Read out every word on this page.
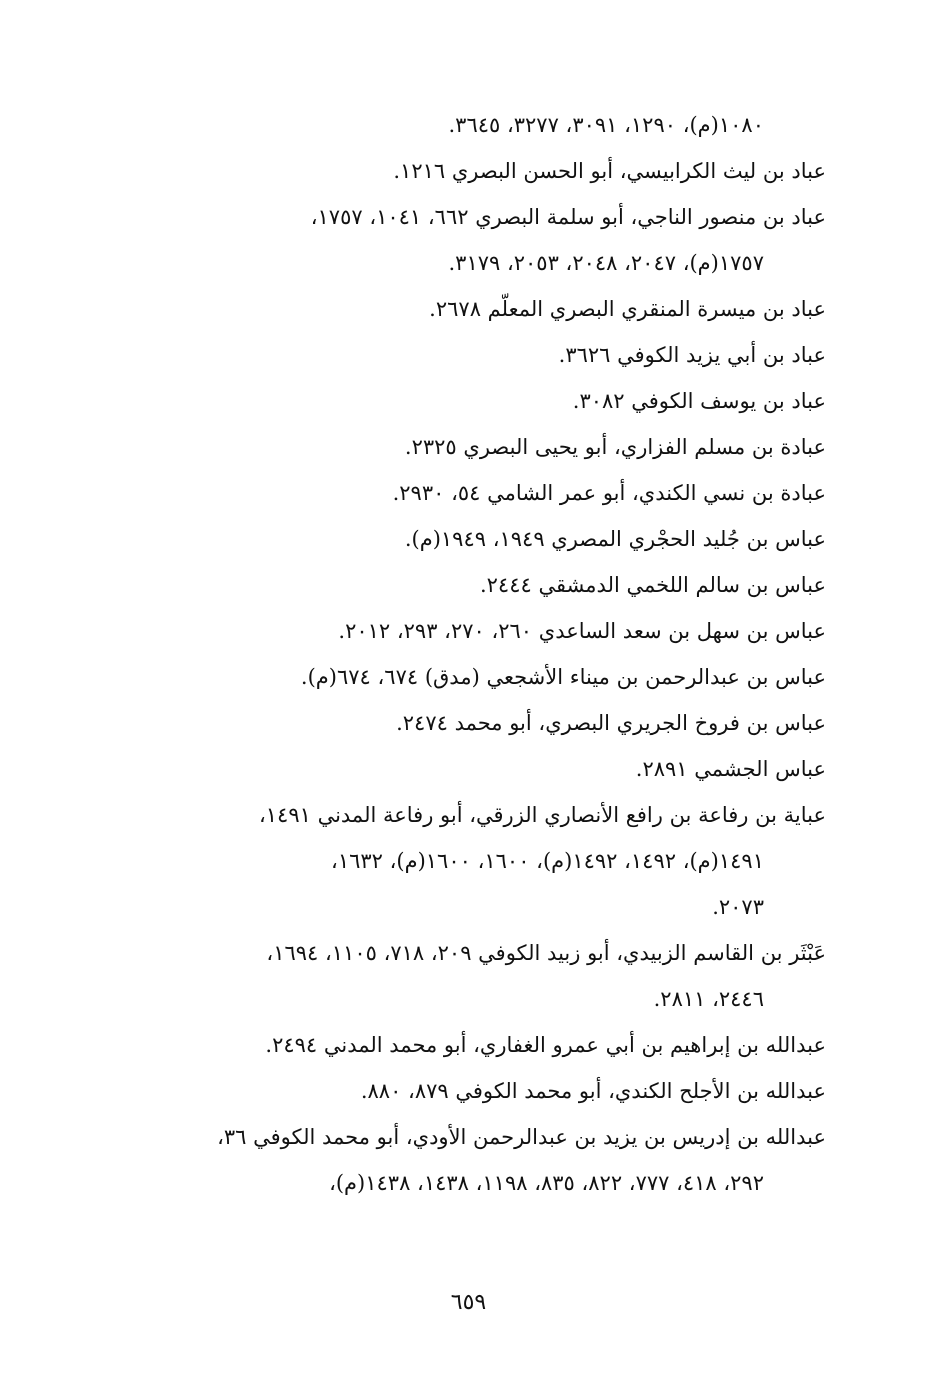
١٠٨٠(م)، ١٢٩٠، ٣٠٩١، ٣٢٧٧، ٣٦٤٥.
عباد بن ليث الكرابيسي، أبو الحسن البصري ١٢١٦.
عباد بن منصور الناجي، أبو سلمة البصري ٦٦٢، ١٠٤١، ١٧٥٧،
١٧٥٧(م)، ٢٠٤٧، ٢٠٤٨، ٢٠٥٣، ٣١٧٩.
عباد بن ميسرة المنقري البصري المعلّم ٢٦٧٨.
عباد بن أبي يزيد الكوفي ٣٦٢٦.
عباد بن يوسف الكوفي ٣٠٨٢.
عبادة بن مسلم الفزاري، أبو يحيى البصري ٢٣٢٥.
عبادة بن نسي الكندي، أبو عمر الشامي ٥٤، ٢٩٣٠.
عباس بن جُليد الحجْري المصري ١٩٤٩، ١٩٤٩(م).
عباس بن سالم اللخمي الدمشقي ٢٤٤٤.
عباس بن سهل بن سعد الساعدي ٢٦٠، ٢٧٠، ٢٩٣، ٢٠١٢.
عباس بن عبدالرحمن بن ميناء الأشجعي (مدق) ٦٧٤، ٦٧٤(م).
عباس بن فروخ الجريري البصري، أبو محمد ٢٤٧٤.
عباس الجشمي ٢٨٩١.
عباية بن رفاعة بن رافع الأنصاري الزرقي، أبو رفاعة المدني ١٤٩١،
١٤٩١(م)، ١٤٩٢، ١٤٩٢(م)، ١٦٠٠، ١٦٠٠(م)، ١٦٣٢،
٢٠٧٣.
عَبْثَر بن القاسم الزبيدي، أبو زبيد الكوفي ٢٠٩، ٧١٨، ١١٠٥، ١٦٩٤،
٢٤٤٦، ٢٨١١.
عبدالله بن إبراهيم بن أبي عمرو الغفاري، أبو محمد المدني ٢٤٩٤.
عبدالله بن الأجلح الكندي، أبو محمد الكوفي ٨٧٩، ٨٨٠.
عبدالله بن إدريس بن يزيد بن عبدالرحمن الأودي، أبو محمد الكوفي ٣٦،
٢٩٢، ٤١٨، ٧٧٧، ٨٢٢، ٨٣٥، ١١٩٨، ١٤٣٨، ١٤٣٨(م)،
٦٥٩
